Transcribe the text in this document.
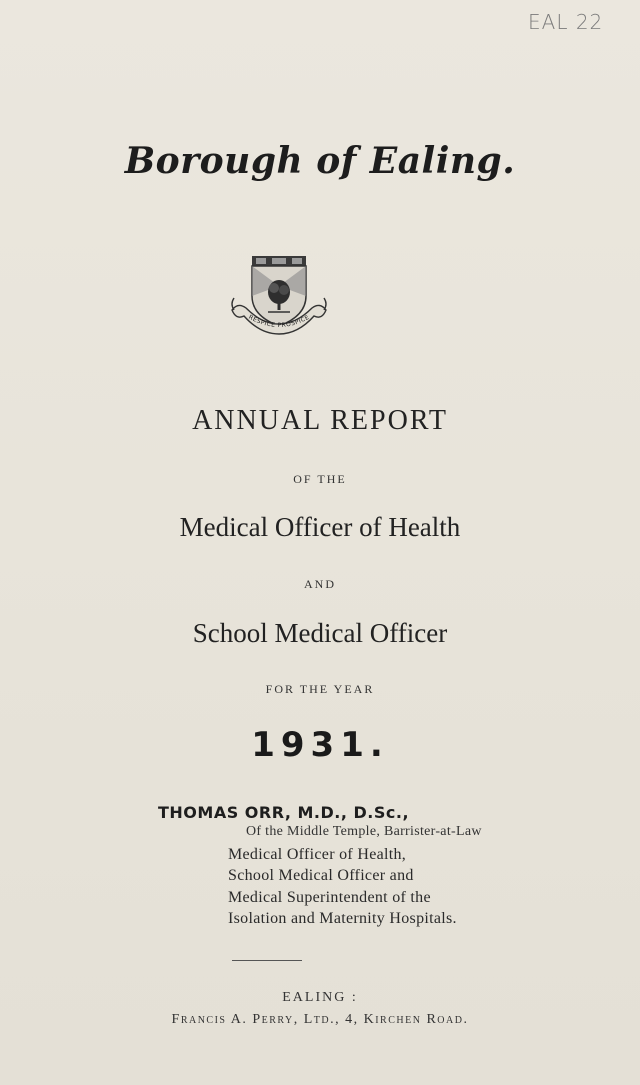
EAL 22
Borough of Ealing.
RESPICE PROSPICE
ANNUAL REPORT
OF THE
Medical Officer of Health
AND
School Medical Officer
FOR THE YEAR
1931.
THOMAS ORR, M.D., D.Sc.,
Of the Middle Temple, Barrister-at-Law
Medical Officer of Health,
School Medical Officer and
Medical Superintendent of the
Isolation and Maternity Hospitals.
EALING :
Francis A. Perry, Ltd., 4, Kirchen Road.
